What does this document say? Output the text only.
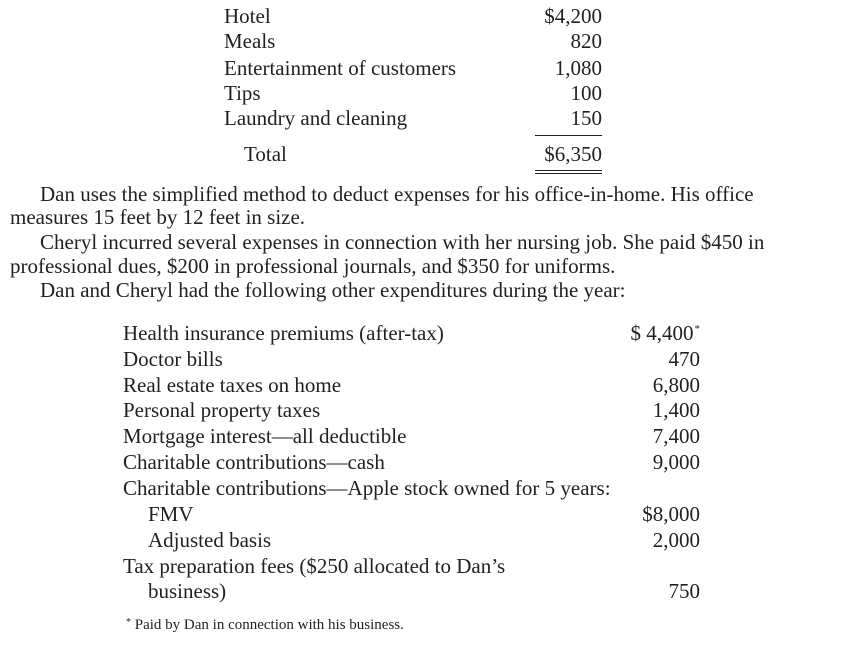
Hotel	$4,200
Meals	820
Entertainment of customers	1,080
Tips	100
Laundry and cleaning	150
Total	$6,350
Dan uses the simplified method to deduct expenses for his office-in-home. His office
measures 15 feet by 12 feet in size.
Cheryl incurred several expenses in connection with her nursing job. She paid $450 in
professional dues, $200 in professional journals, and $350 for uniforms.
Dan and Cheryl had the following other expenditures during the year:
Health insurance premiums (after-tax)	$ 4,400*
Doctor bills	470
Real estate taxes on home	6,800
Personal property taxes	1,400
Mortgage interest—all deductible	7,400
Charitable contributions—cash	9,000
Charitable contributions—Apple stock owned for 5 years:
FMV	$8,000
Adjusted basis	2,000
Tax preparation fees ($250 allocated to Dan’s
business)	750
* Paid by Dan in connection with his business.
